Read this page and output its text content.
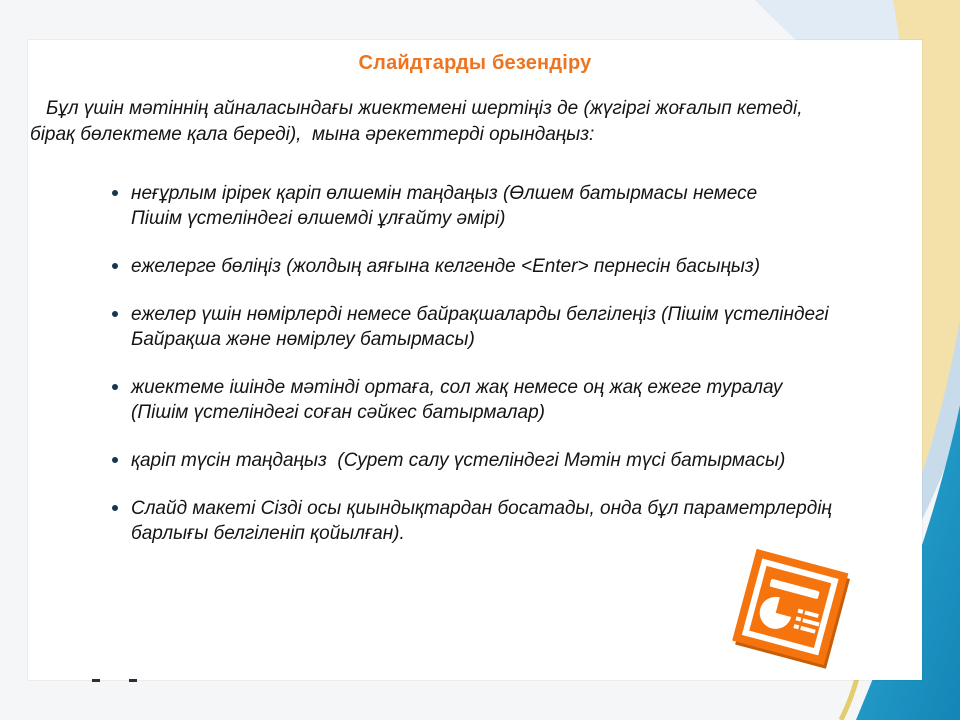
Слайдтарды безендіру
Бұл үшін мәтіннің айналасындағы жиектемені шертіңіз де (жүгіргі жоғалып кетеді,
бірақ бөлектеме қала береді),  мына әрекеттерді орындаңыз:
неғұрлым ірірек қаріп өлшемін таңдаңыз (Өлшем батырмасы немесе
Пішім үстеліндегі өлшемді ұлғайту әмірі)
ежелерге бөліңіз (жолдың аяғына келгенде <Enter> пернесін басыңыз)
ежелер үшін нөмірлерді немесе байрақшаларды белгілеңіз (Пішім үстеліндегі
Байрақша және нөмірлеу батырмасы)
жиектеме ішінде мәтінді ортаға, сол жақ немесе оң жақ ежеге туралау
(Пішім үстеліндегі соған сәйкес батырмалар)
қаріп түсін таңдаңыз  (Сурет салу үстеліндегі Мәтін түсі батырмасы)
Слайд макеті Сізді осы қиындықтардан босатады, онда бұл параметрлердің
барлығы белгіленіп қойылған).
